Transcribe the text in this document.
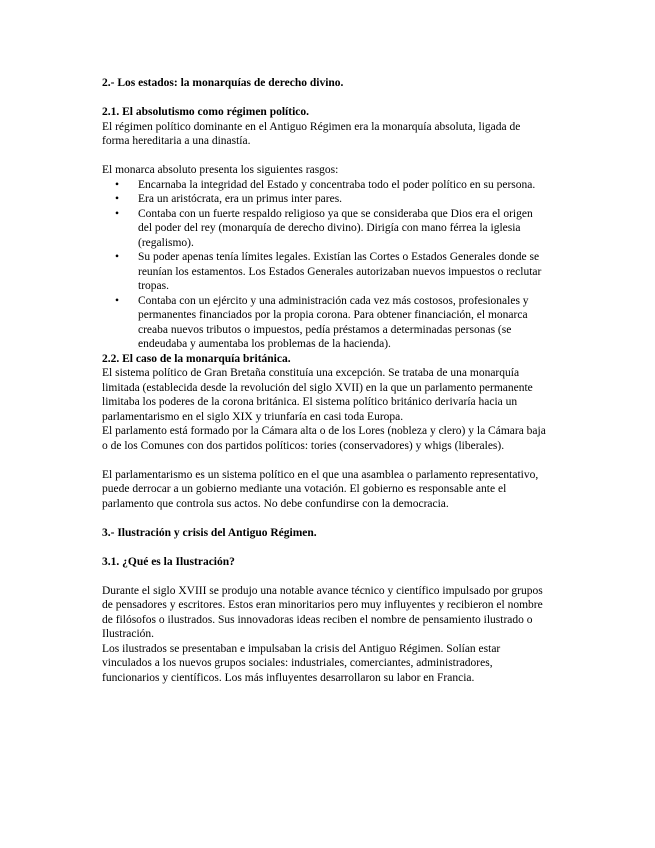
2.- Los estados: la monarquías de derecho divino.
2.1. El absolutismo como régimen político.

El régimen político dominante en el Antiguo Régimen era la monarquía absoluta, ligada de forma hereditaria a una dinastía.

El monarca absoluto presenta los siguientes rasgos:

• Encarnaba la integridad del Estado y concentraba todo el poder político en su persona.
• Era un aristócrata, era un primus inter pares.
• Contaba con un fuerte respaldo religioso ya que se consideraba que Dios era el origen del poder del rey (monarquía de derecho divino). Dirigía con mano férrea la iglesia (regalismo).
• Su poder apenas tenía límites legales. Existían las Cortes o Estados Generales donde se reunían los estamentos. Los Estados Generales autorizaban nuevos impuestos o reclutar tropas.
• Contaba con un ejército y una administración cada vez más costosos, profesionales y permanentes financiados por la propia corona. Para obtener financiación, el monarca creaba nuevos tributos o impuestos, pedía préstamos a determinadas personas (se endeudaba y aumentaba los problemas de la hacienda).
2.2. El caso de la monarquía británica.

El sistema político de Gran Bretaña constituía una excepción. Se trataba de una monarquía limitada (establecida desde la revolución del siglo XVII) en la que un parlamento permanente limitaba los poderes de la corona británica. El sistema político británico derivaría hacia un parlamentarismo en el siglo XIX y triunfaría en casi toda Europa.

El parlamento está formado por la Cámara alta o de los Lores (nobleza y clero) y la Cámara baja o de los Comunes con dos partidos políticos: tories (conservadores) y whigs (liberales).

El parlamentarismo es un sistema político en el que una asamblea o parlamento representativo, puede derrocar a un gobierno mediante una votación. El gobierno es responsable ante el parlamento que controla sus actos. No debe confundirse con la democracia.

3.- Ilustración y crisis del Antiguo Régimen.
3.1. ¿Qué es la Ilustración?

Durante el siglo XVIII se produjo una notable avance técnico y científico impulsado por grupos de pensadores y escritores. Estos eran minoritarios pero muy influyentes y recibieron el nombre de filósofos o ilustrados. Sus innovadoras ideas reciben el nombre de pensamiento ilustrado o Ilustración.

Los ilustrados se presentaban e impulsaban la crisis del Antiguo Régimen. Solían estar vinculados a los nuevos grupos sociales: industriales, comerciantes, administradores, funcionarios y científicos. Los más influyentes desarrollaron su labor en Francia.
